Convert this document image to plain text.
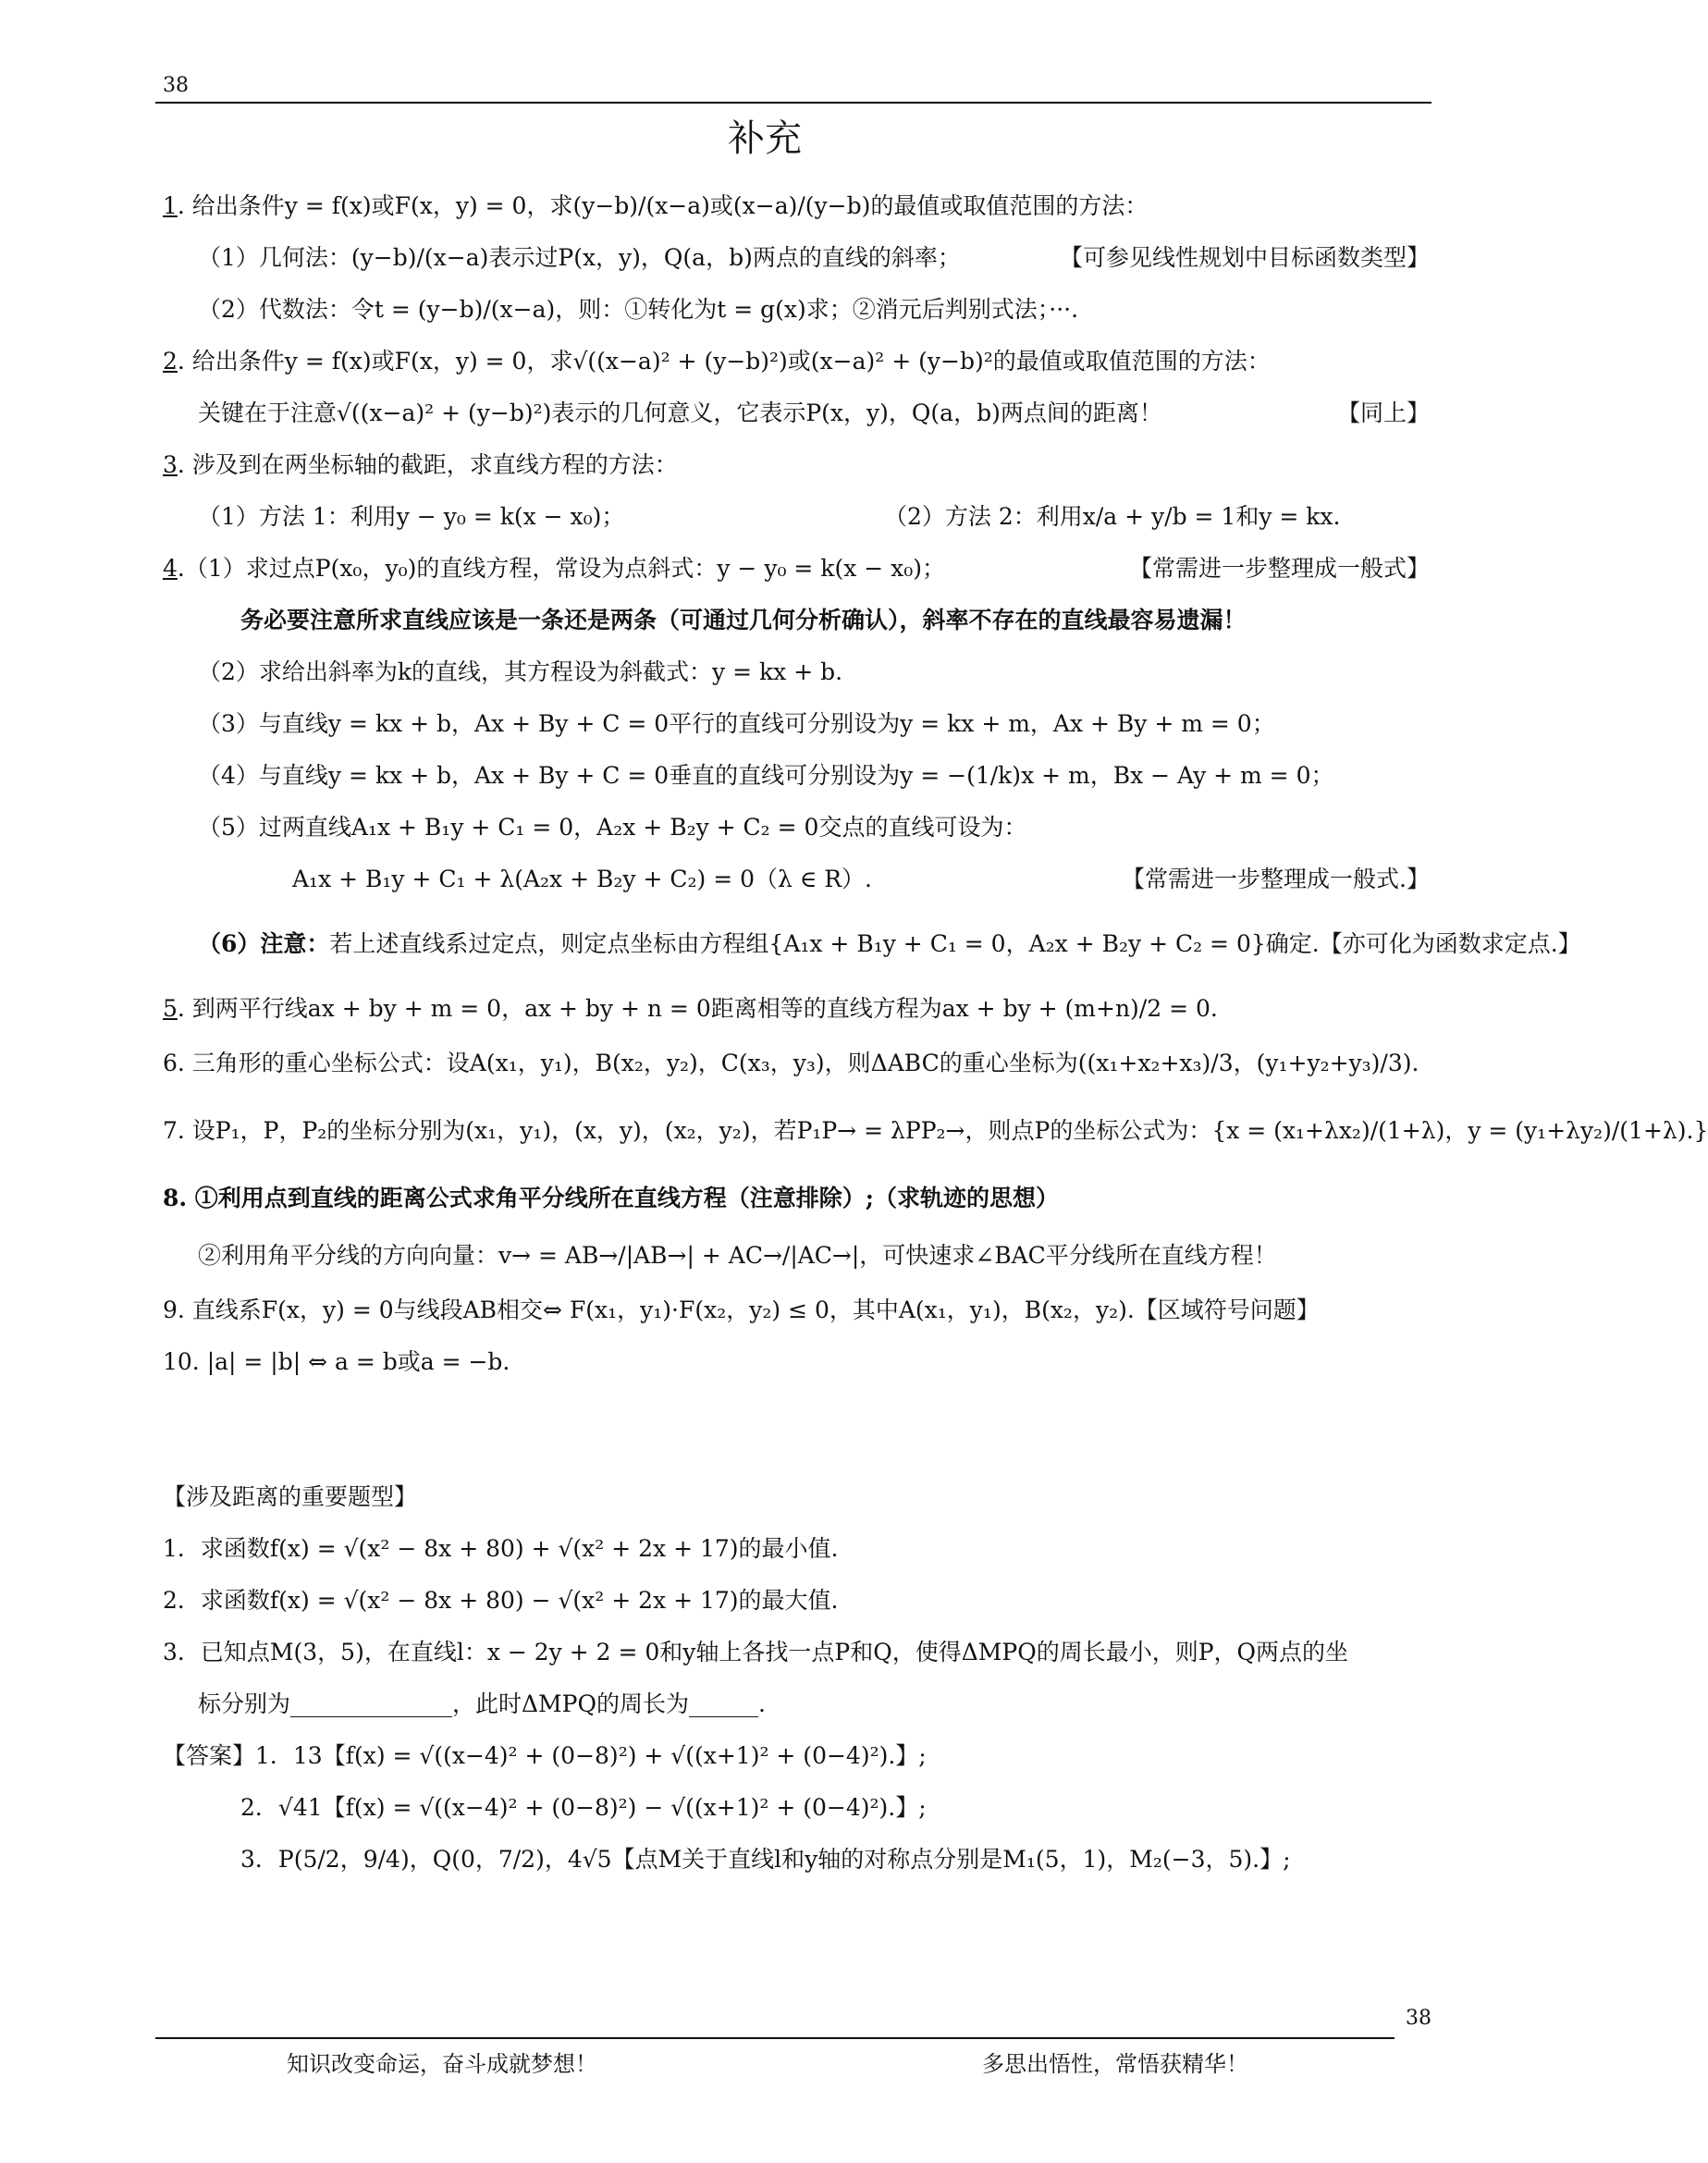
38
补充
1. 给出条件y = f(x)或F(x，y) = 0，求(y−b)/(x−a)或(x−a)/(y−b)的最值或取值范围的方法：
（1）几何法：(y−b)/(x−a)表示过P(x，y)，Q(a，b)两点的直线的斜率；	【可参见线性规划中目标函数类型】
（2）代数法：令t = (y−b)/(x−a)，则：①转化为t = g(x)求；②消元后判别式法；···.
2. 给出条件y = f(x)或F(x，y) = 0，求√((x−a)² + (y−b)²)或(x−a)² + (y−b)²的最值或取值范围的方法：
关键在于注意√((x−a)² + (y−b)²)表示的几何意义，它表示P(x，y)，Q(a，b)两点间的距离！	【同上】
3. 涉及到在两坐标轴的截距，求直线方程的方法：
（1）方法 1：利用y − y₀ = k(x − x₀)；	（2）方法 2：利用x/a + y/b = 1和y = kx.
4.（1）求过点P(x₀，y₀)的直线方程，常设为点斜式：y − y₀ = k(x − x₀)；	【常需进一步整理成一般式】
务必要注意所求直线应该是一条还是两条（可通过几何分析确认），斜率不存在的直线最容易遗漏！
（2）求给出斜率为k的直线，其方程设为斜截式：y = kx + b.
（3）与直线y = kx + b，Ax + By + C = 0平行的直线可分别设为y = kx + m，Ax + By + m = 0；
（4）与直线y = kx + b，Ax + By + C = 0垂直的直线可分别设为y = −(1/k)x + m，Bx − Ay + m = 0；
（5）过两直线A₁x + B₁y + C₁ = 0，A₂x + B₂y + C₂ = 0交点的直线可设为：
A₁x + B₁y + C₁ + λ(A₂x + B₂y + C₂) = 0（λ ∈ R）.	【常需进一步整理成一般式.】
（6）注意：若上述直线系过定点，则定点坐标由方程组{A₁x + B₁y + C₁ = 0，A₂x + B₂y + C₂ = 0}确定.【亦可化为函数求定点.】
5. 到两平行线ax + by + m = 0，ax + by + n = 0距离相等的直线方程为ax + by + (m+n)/2 = 0.
6. 三角形的重心坐标公式：设A(x₁，y₁)，B(x₂，y₂)，C(x₃，y₃)，则ΔABC的重心坐标为((x₁+x₂+x₃)/3，(y₁+y₂+y₃)/3).
7. 设P₁，P，P₂的坐标分别为(x₁，y₁)，(x，y)，(x₂，y₂)，若P₁P→ = λPP₂→，则点P的坐标公式为：{x = (x₁+λx₂)/(1+λ)，y = (y₁+λy₂)/(1+λ).}
8. ①利用点到直线的距离公式求角平分线所在直线方程（注意排除）;（求轨迹的思想）
②利用角平分线的方向向量：v→ = AB→/|AB→| + AC→/|AC→|，可快速求∠BAC平分线所在直线方程！
9. 直线系F(x，y) = 0与线段AB相交⇔ F(x₁，y₁)·F(x₂，y₂) ≤ 0，其中A(x₁，y₁)，B(x₂，y₂).【区域符号问题】
10. |a| = |b| ⇔ a = b或a = −b.
【涉及距离的重要题型】
1．求函数f(x) = √(x² − 8x + 80) + √(x² + 2x + 17)的最小值.
2．求函数f(x) = √(x² − 8x + 80) − √(x² + 2x + 17)的最大值.
3．已知点M(3，5)，在直线l：x − 2y + 2 = 0和y轴上各找一点P和Q，使得ΔMPQ的周长最小，则P，Q两点的坐
标分别为______________，此时ΔMPQ的周长为______.
【答案】1．13【f(x) = √((x−4)² + (0−8)²) + √((x+1)² + (0−4)²).】;
2．√41【f(x) = √((x−4)² + (0−8)²) − √((x+1)² + (0−4)²).】;
3．P(5/2，9/4)，Q(0，7/2)，4√5【点M关于直线l和y轴的对称点分别是M₁(5，1)，M₂(−3，5).】;
38
知识改变命运，奋斗成就梦想！	多思出悟性，常悟获精华！
